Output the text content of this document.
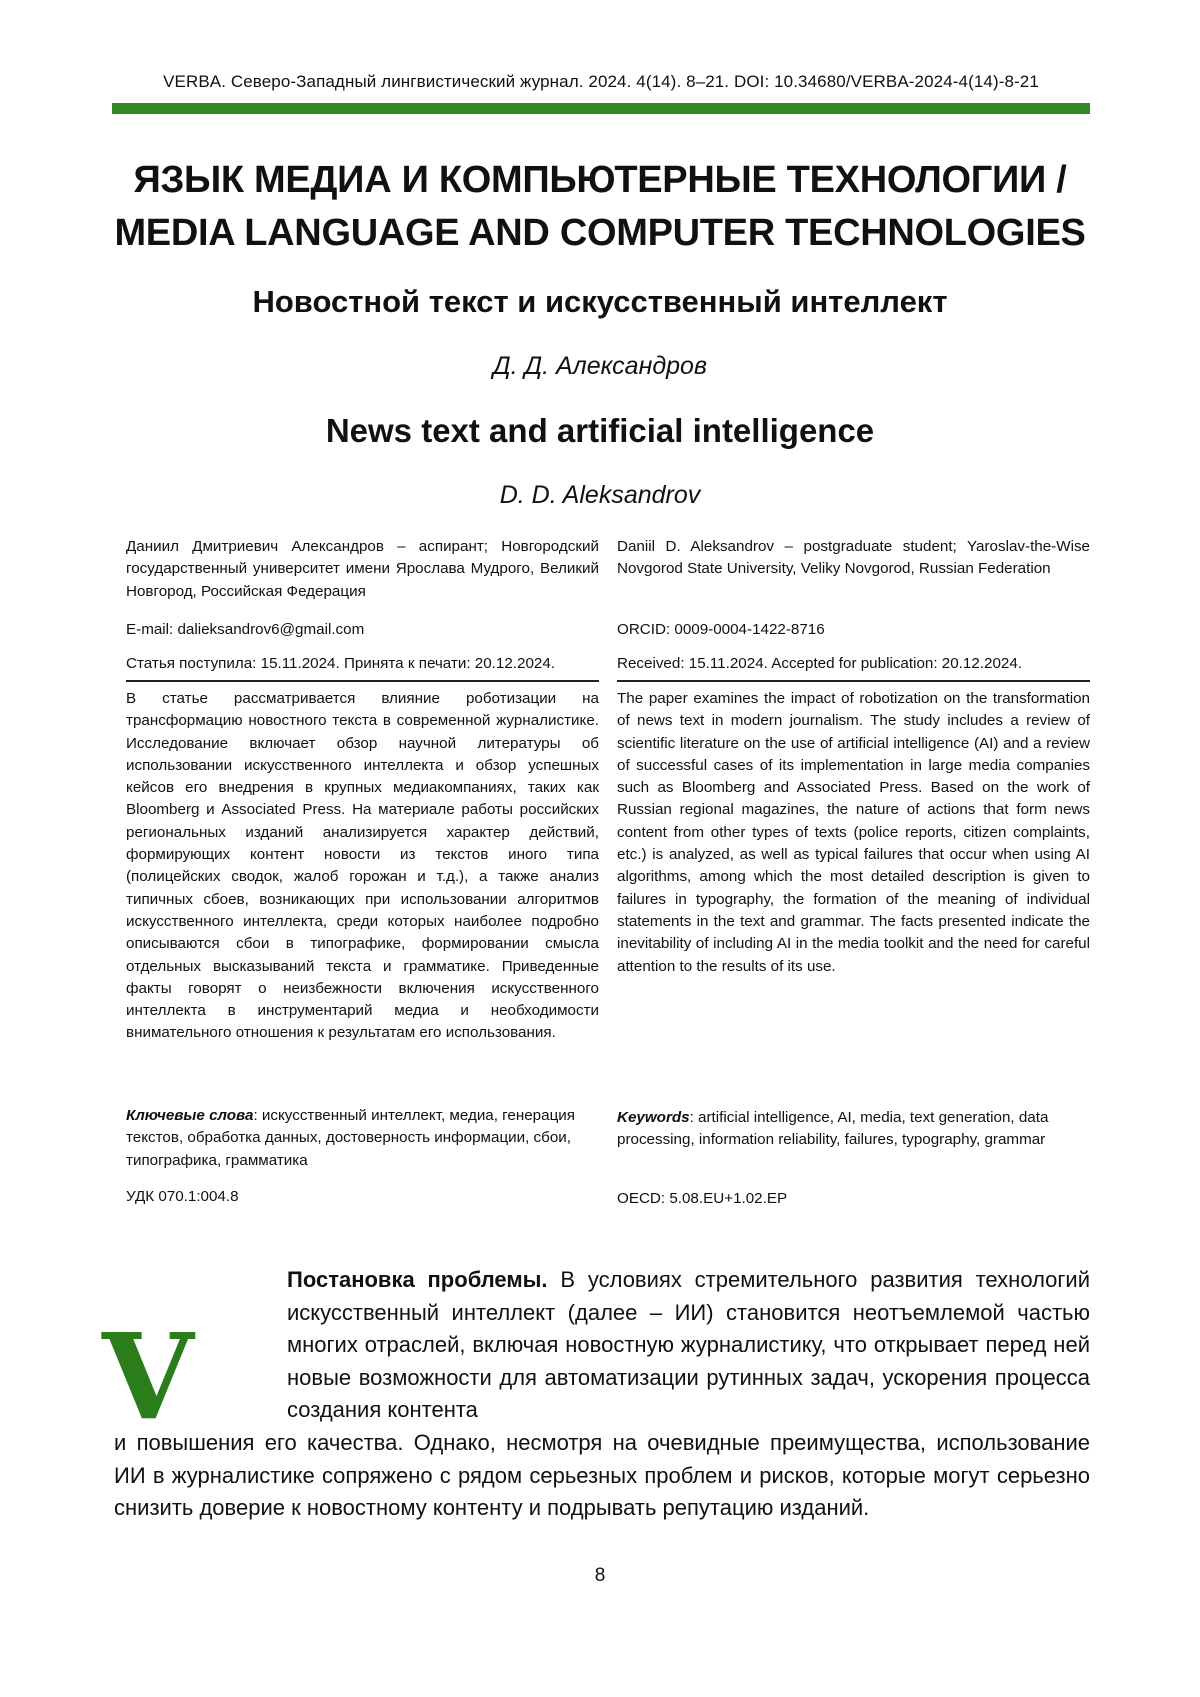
VERBA. Северо-Западный лингвистический журнал. 2024. 4(14). 8–21. DOI: 10.34680/VERBA-2024-4(14)-8-21
ЯЗЫК МЕДИА И КОМПЬЮТЕРНЫЕ ТЕХНОЛОГИИ /
MEDIA LANGUAGE AND COMPUTER TECHNOLOGIES
Новостной текст и искусственный интеллект
Д. Д. Александров
News text and artificial intelligence
D. D. Aleksandrov
Даниил Дмитриевич Александров – аспирант; Новгородский государственный университет имени Ярослава Мудрого, Великий Новгород, Российская Федерация
E-mail: dalieksandrov6@gmail.com
Статья поступила: 15.11.2024. Принята к печати: 20.12.2024.
В статье рассматривается влияние роботизации на трансформацию новостного текста в современной журналистике. Исследование включает обзор научной литературы об использовании искусственного интеллекта и обзор успешных кейсов его внедрения в крупных медиакомпаниях, таких как Bloomberg и Associated Press. На материале работы российских региональных изданий анализируется характер действий, формирующих контент новости из текстов иного типа (полицейских сводок, жалоб горожан и т.д.), а также анализ типичных сбоев, возникающих при использовании алгоритмов искусственного интеллекта, среди которых наиболее подробно описываются сбои в типографике, формировании смысла отдельных высказываний текста и грамматике. Приведенные факты говорят о неизбежности включения искусственного интеллекта в инструментарий медиа и необходимости внимательного отношения к результатам его использования.
Ключевые слова: искусственный интеллект, медиа, генерация текстов, обработка данных, достоверность информации, сбои, типографика, грамматика
УДК 070.1:004.8
Daniil D. Aleksandrov – postgraduate student; Yaroslav-the-Wise Novgorod State University, Veliky Novgorod, Russian Federation
ORCID: 0009-0004-1422-8716
Received: 15.11.2024. Accepted for publication: 20.12.2024.
The paper examines the impact of robotization on the transformation of news text in modern journalism. The study includes a review of scientific literature on the use of artificial intelligence (AI) and a review of successful cases of its implementation in large media companies such as Bloomberg and Associated Press. Based on the work of Russian regional magazines, the nature of actions that form news content from other types of texts (police reports, citizen complaints, etc.) is analyzed, as well as typical failures that occur when using AI algorithms, among which the most detailed description is given to failures in typography, the formation of the meaning of individual statements in the text and grammar. The facts presented indicate the inevitability of including AI in the media toolkit and the need for careful attention to the results of its use.
Keywords: artificial intelligence, AI, media, text generation, data processing, information reliability, failures, typography, grammar
OECD: 5.08.EU+1.02.EP
V
Постановка проблемы. В условиях стремительного развития технологий искусственный интеллект (далее – ИИ) становится неотъемлемой частью многих отраслей, включая новостную журналистику, что открывает перед ней новые возможности для автоматизации рутинных задач, ускорения процесса создания контента
и повышения его качества. Однако, несмотря на очевидные преимущества, использование ИИ в журналистике сопряжено с рядом серьезных проблем и рисков, которые могут серьезно снизить доверие к новостному контенту и подрывать репутацию изданий.
8
